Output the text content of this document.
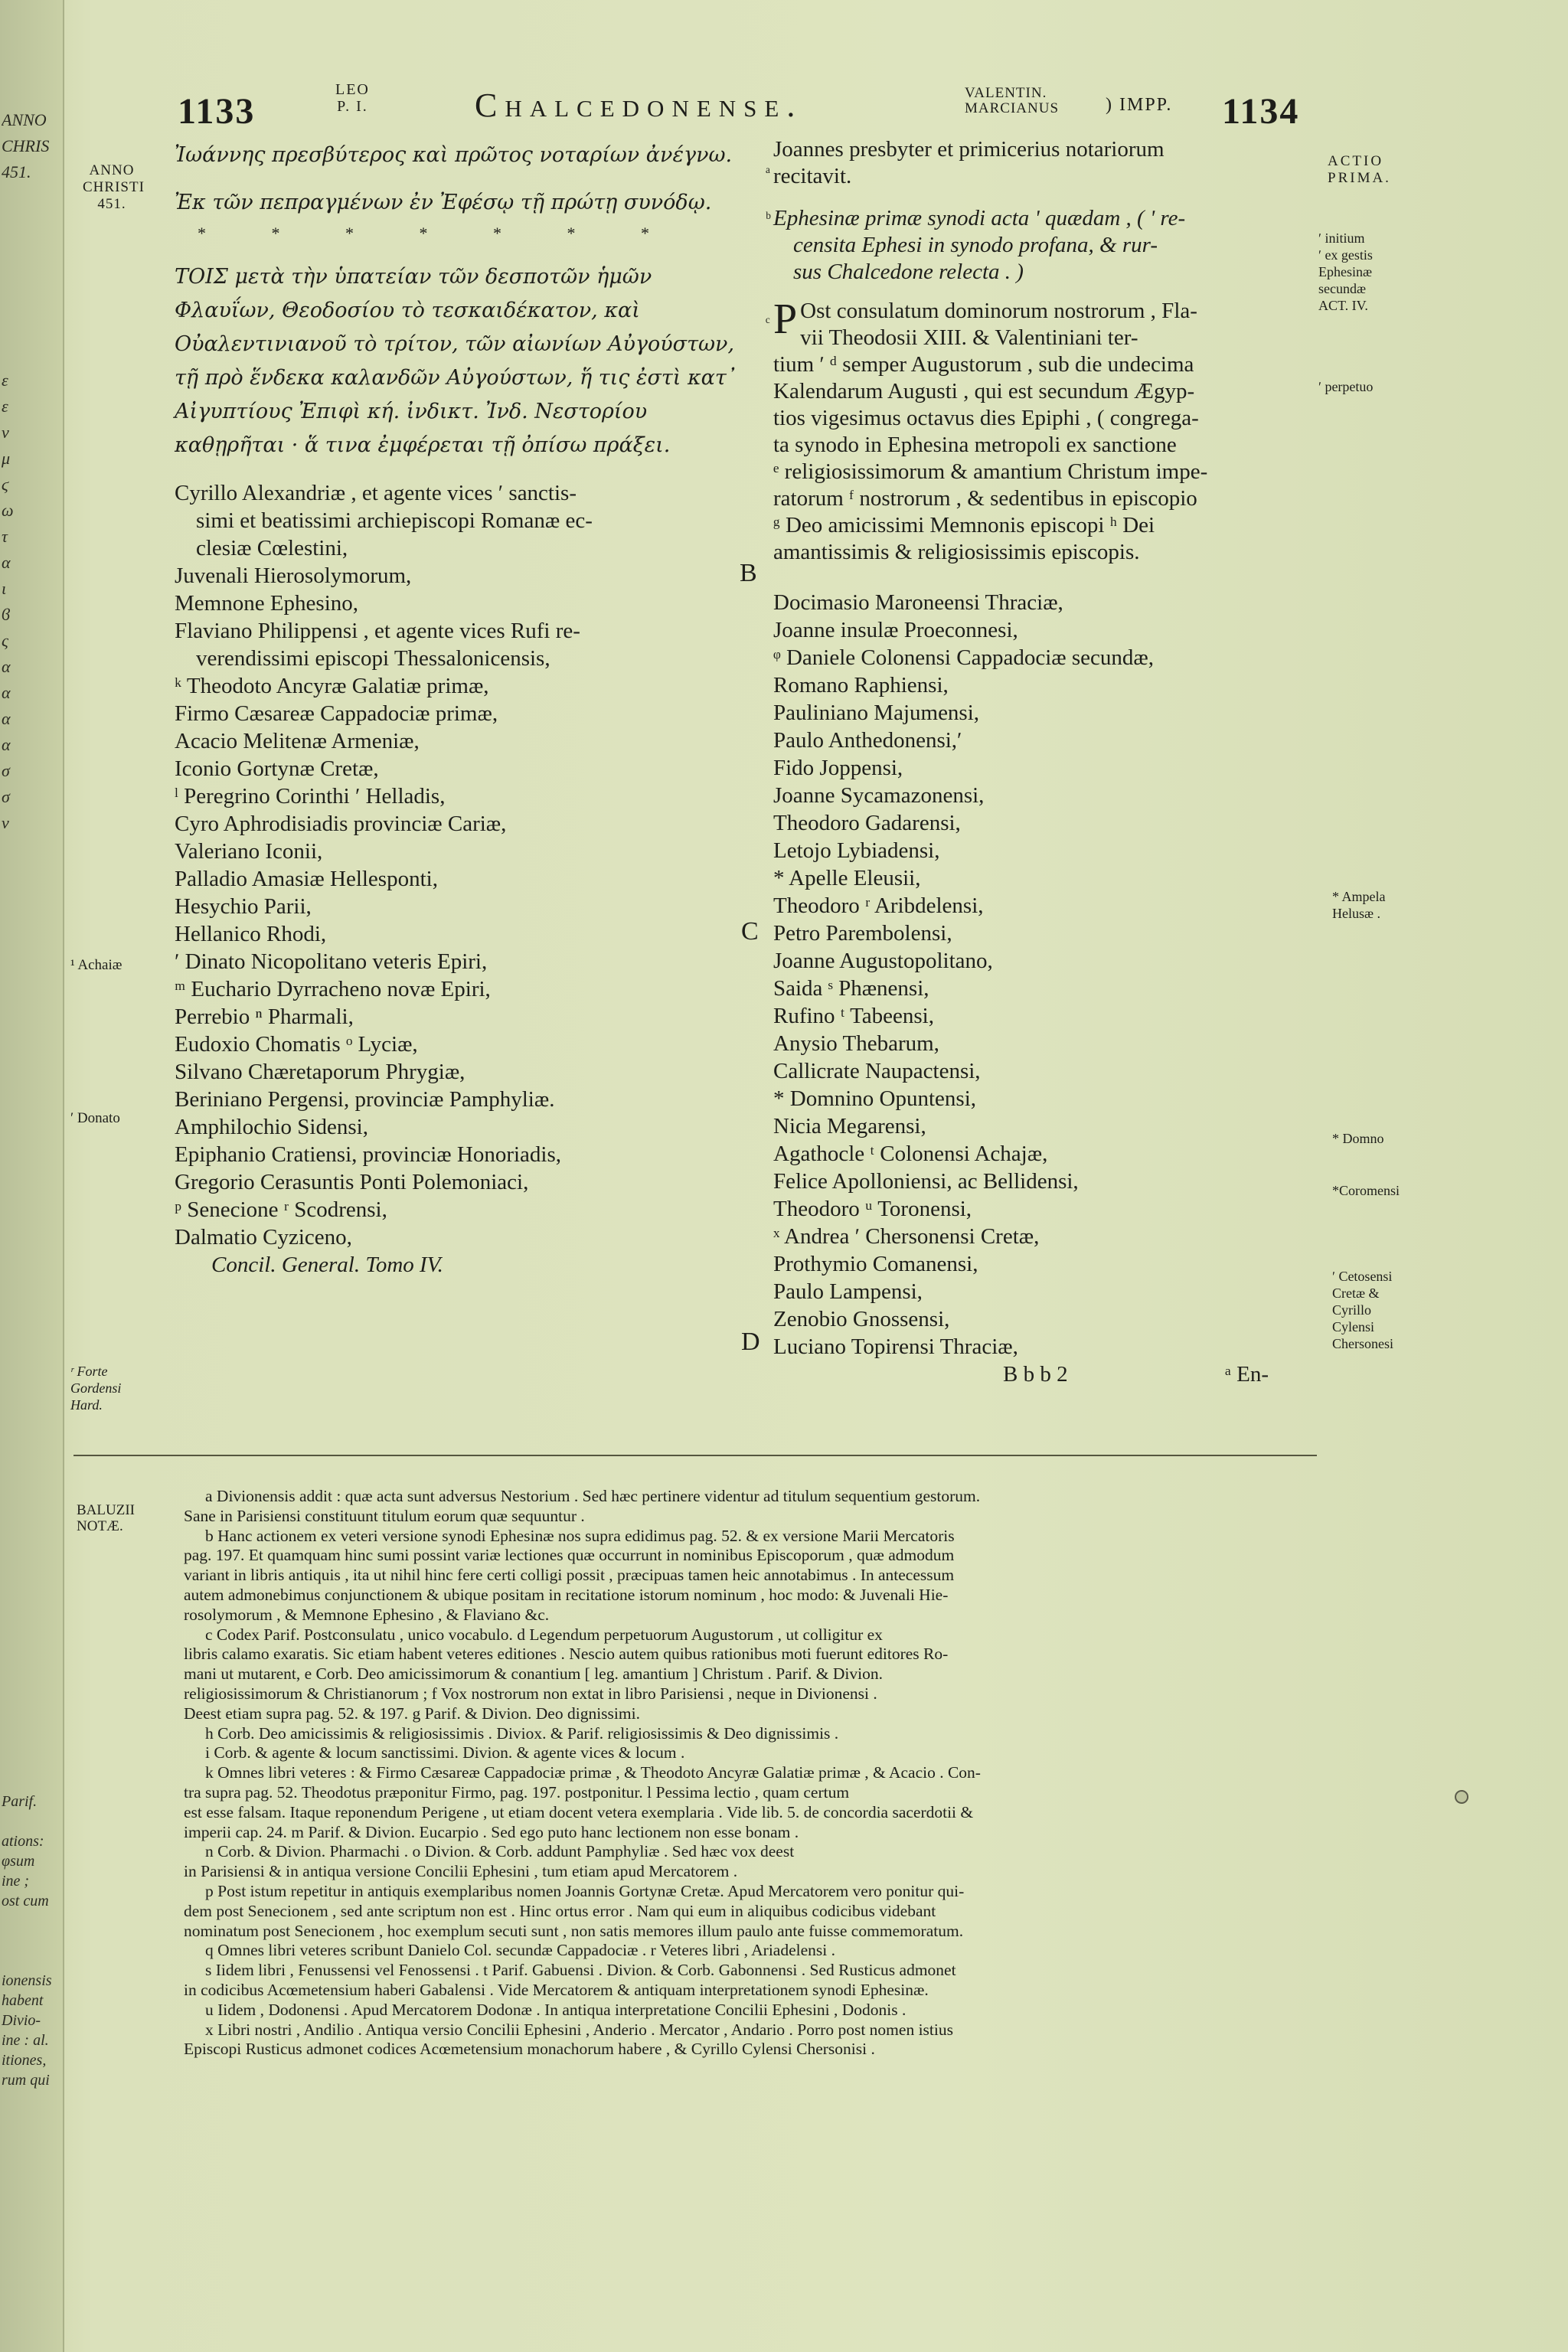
ANNO
CHRIS
451.

ε
ε
ν
μ
ϛ
ω
τ
α
ι
ϐ
ς
α
α
α
α
σ
σ
ν
Parif.

ations:
φsum
ine ;
ost cum

ionensis
habent
Divio-
ine : al.
itiones,
rum qui
1133
LEO
P. I.	Chalcedonense.	VALENTIN.
MARCIANUS	) IMPP. 1134
ANNO
CHRISTI
451.
¹ Achaiæ
ʹ Donato
ʳ Forte
Gordensi
Hard.
BALUZII
NOTÆ.
ACTIO
PRIMA.
ʹ initium
ʹ ex gestis
Ephesinæ
secundæ
ACT. IV.
ʹ perpetuo
* Ampela
Helusæ .
* Domno
*Coromensi
ʹ Cetosensi
Cretæ &
Cyrillo
Cylensi
Chersonesi
ᵃ
ᵇ
ᶜ
B
C
D
Ἰωάννης πρεσβύτερος καὶ πρῶτος νοταρίων ἀνέγνω.
Ἐκ τῶν πεπραγμένων ἐν Ἐφέσῳ τῇ πρώτῃ συνόδῳ.
* * * * * * *
ΤΟΙΣ μετὰ τὴν ὑπατείαν τῶν δεσποτῶν ἡμῶν Φλαυΐων, Θεοδοσίου τὸ τεσκαιδέκατον, καὶ Οὐαλεντινιανοῦ τὸ τρίτον, τῶν αἰωνίων Αὐγούστων, τῇ πρὸ ἕνδεκα καλανδῶν Αὐγούστων, ἥ τις ἐστὶ κατ᾽ Αἰγυπτίους Ἐπιφὶ κή. ἰνδικτ. Ἰνδ. Νεστορίου καθῃρῆται · ἅ τινα ἐμφέρεται τῇ ὀπίσω πράξει.
Cyrillo Alexandriæ , et agente vices ʹ sanctis-
simi et beatissimi archiepiscopi Romanæ ec-
clesiæ Cœlestini,
Juvenali Hierosolymorum,
Memnone Ephesino,
Flaviano Philippensi , et agente vices Rufi re-
verendissimi episcopi Thessalonicensis,
ᵏ Theodoto Ancyræ Galatiæ primæ,
Firmo Cæsareæ Cappadociæ primæ,
Acacio Melitenæ Armeniæ,
Iconio Gortynæ Cretæ,
ˡ Peregrino Corinthi ʹ Helladis,
Cyro Aphrodisiadis provinciæ Cariæ,
Valeriano Iconii,
Palladio Amasiæ Hellesponti,
Hesychio Parii,
Hellanico Rhodi,
ʹ Dinato Nicopolitano veteris Epiri,
ᵐ Euchario Dyrracheno novæ Epiri,
Perrebio ⁿ Pharmali,
Eudoxio Chomatis ᵒ Lyciæ,
Silvano Chæretaporum Phrygiæ,
Beriniano Pergensi, provinciæ Pamphyliæ.
Amphilochio Sidensi,
Epiphanio Cratiensi, provinciæ Honoriadis,
Gregorio Cerasuntis Ponti Polemoniaci,
ᵖ Senecione ʳ Scodrensi,
Dalmatio Cyziceno,
Concil. General. Tomo IV.
Joannes presbyter et primicerius notariorum
recitavit.
Ephesinæ primæ synodi acta ʹ quædam , ( ʹ re-
censita Ephesi in synodo profana, & rur-
sus Chalcedone relecta . )
P Ost consulatum dominorum nostrorum , Fla-
vii Theodosii XIII. & Valentiniani ter-
tium ʹ ᵈ semper Augustorum , sub die undecima
Kalendarum Augusti , qui est secundum Ægyp-
tios vigesimus octavus dies Epiphi , ( congrega-
ta synodo in Ephesina metropoli ex sanctione
ᵉ religiosissimorum & amantium Christum impe-
ratorum ᶠ nostrorum , & sedentibus in episcopio
ᵍ Deo amicissimi Memnonis episcopi ʰ Dei
amantissimis & religiosissimis episcopis.
Docimasio Maroneensi Thraciæ,
Joanne insulæ Proeconnesi,
ᵠ Daniele Colonensi Cappadociæ secundæ,
Romano Raphiensi,
Pauliniano Majumensi,
Paulo Anthedonensi,ʹ
Fido Joppensi,
Joanne Sycamazonensi,
Theodoro Gadarensi,
Letojo Lybiadensi,
* Apelle Eleusii,
Theodoro ʳ Aribdelensi,
Petro Parembolensi,
Joanne Augustopolitano,
Saida ˢ Phænensi,
Rufino ᵗ Tabeensi,
Anysio Thebarum,
Callicrate Naupactensi,
* Domnino Opuntensi,
Nicia Megarensi,
Agathocle ᵗ Colonensi Achajæ,
Felice Apolloniensi, ac Bellidensi,
Theodoro ᵘ Toronensi,
ˣ Andrea ʹ Chersonensi Cretæ,
Prothymio Comanensi,
Paulo Lampensi,
Zenobio Gnossensi,
Luciano Topirensi Thraciæ,
B b b 2	ᵃ En-
a Divionensis addit : quæ acta sunt adversus Nestorium . Sed hæc pertinere videntur ad titulum sequentium gestorum.
Sane in Parisiensi constituunt titulum eorum quæ sequuntur .
b Hanc actionem ex veteri versione synodi Ephesinæ nos supra edidimus pag. 52. & ex versione Marii Mercatoris
pag. 197. Et quamquam hinc sumi possint variæ lectiones quæ occurrunt in nominibus Episcoporum , quæ admodum
variant in libris antiquis , ita ut nihil hinc fere certi colligi possit , præcipuas tamen heic annotabimus . In antecessum
autem admonebimus conjunctionem & ubique positam in recitatione istorum nominum , hoc modo: & Juvenali Hie-
rosolymorum , & Memnone Ephesino , & Flaviano &c.
c Codex Parif. Postconsulatu , unico vocabulo. d Legendum perpetuorum Augustorum , ut colligitur ex
libris calamo exaratis. Sic etiam habent veteres editiones . Nescio autem quibus rationibus moti fuerunt editores Ro-
mani ut mutarent, e Corb. Deo amicissimorum & conantium [ leg. amantium ] Christum . Parif. & Divion.
religiosissimorum & Christianorum ; f Vox nostrorum non extat in libro Parisiensi , neque in Divionensi .
Deest etiam supra pag. 52. & 197. g Parif. & Divion. Deo dignissimi.
h Corb. Deo amicissimis & religiosissimis . Diviox. & Parif. religiosissimis & Deo dignissimis .
i Corb. & agente & locum sanctissimi. Divion. & agente vices & locum .
k Omnes libri veteres : & Firmo Cæsareæ Cappadociæ primæ , & Theodoto Ancyræ Galatiæ primæ , & Acacio . Con-
tra supra pag. 52. Theodotus præponitur Firmo, pag. 197. postponitur. l Pessima lectio , quam certum
est esse falsam. Itaque reponendum Perigene , ut etiam docent vetera exemplaria . Vide lib. 5. de concordia sacerdotii &
imperii cap. 24. m Parif. & Divion. Eucarpio . Sed ego puto hanc lectionem non esse bonam .
n Corb. & Divion. Pharmachi . o Divion. & Corb. addunt Pamphyliæ . Sed hæc vox deest
in Parisiensi & in antiqua versione Concilii Ephesini , tum etiam apud Mercatorem .
p Post istum repetitur in antiquis exemplaribus nomen Joannis Gortynæ Cretæ. Apud Mercatorem vero ponitur qui-
dem post Senecionem , sed ante scriptum non est . Hinc ortus error . Nam qui eum in aliquibus codicibus videbant
nominatum post Senecionem , hoc exemplum secuti sunt , non satis memores illum paulo ante fuisse commemoratum.
q Omnes libri veteres scribunt Danielo Col. secundæ Cappadociæ . r Veteres libri , Ariadelensi .
s Iidem libri , Fenussensi vel Fenossensi . t Parif. Gabuensi . Divion. & Corb. Gabonnensi . Sed Rusticus admonet
in codicibus Acœmetensium haberi Gabalensi . Vide Mercatorem & antiquam interpretationem synodi Ephesinæ.
u Iidem , Dodonensi . Apud Mercatorem Dodonæ . In antiqua interpretatione Concilii Ephesini , Dodonis .
x Libri nostri , Andilio . Antiqua versio Concilii Ephesini , Anderio . Mercator , Andario . Porro post nomen istius
Episcopi Rusticus admonet codices Acœmetensium monachorum habere , & Cyrillo Cylensi Chersonisi .
